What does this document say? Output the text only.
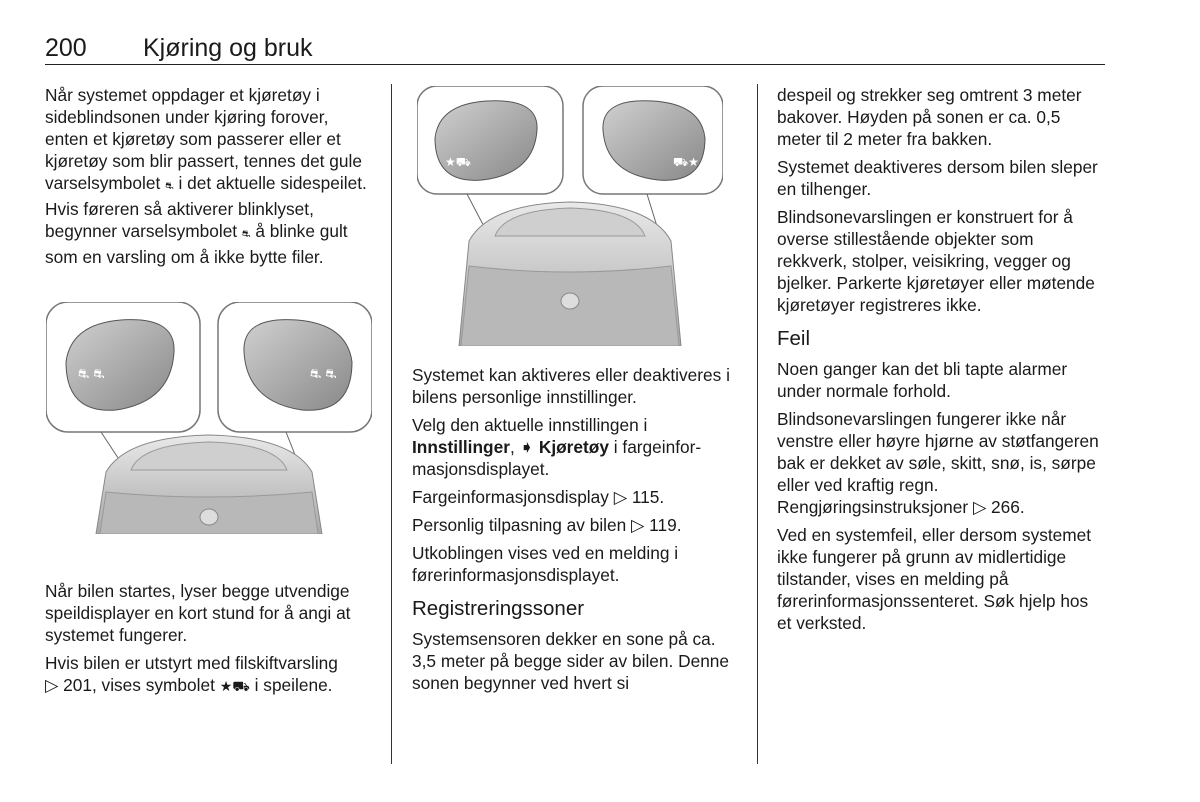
200 Kjøring og bruk

Når systemet oppdager et kjøretøy i sideblindsonen under kjøring forover, enten et kjøretøy som passerer eller et kjøretøy som blir passert, tennes det gule varselsymbolet ⛐ i det aktuelle sidespeilet. Hvis føreren så aktiverer blinklyset, begynner varselsymbolet ⛐ å blinke gult som en varsling om å ikke bytte filer.

⛐ ⛐	⛐ ⛐

Når bilen startes, lyser begge utvendige speildisplayer en kort stund for å angi at systemet fungerer.

Hvis bilen er utstyrt med filskiftvarsling ▷ 201, vises symbolet ★⛟ i speilene.

★⛟	⛟★

Systemet kan aktiveres eller deaktiveres i bilens personlige innstillinger.

Velg den aktuelle innstillingen i Innstillinger, ➧ Kjøretøy i fargeinformasjonsdisplayet.

Fargeinformasjonsdisplay ▷ 115.

Personlig tilpasning av bilen ▷ 119.

Utkoblingen vises ved en melding i førerinformasjonsdisplayet.

Registreringssoner

Systemsensoren dekker en sone på ca. 3,5 meter på begge sider av bilen. Denne sonen begynner ved hvert si

despeil og strekker seg omtrent 3 meter bakover. Høyden på sonen er ca. 0,5 meter til 2 meter fra bakken.

Systemet deaktiveres dersom bilen sleper en tilhenger.

Blindsonevarslingen er konstruert for å overse stillestående objekter som rekkverk, stolper, veisikring, vegger og bjelker. Parkerte kjøretøyer eller møtende kjøretøyer registreres ikke.

Feil

Noen ganger kan det bli tapte alarmer under normale forhold.

Blindsonevarslingen fungerer ikke når venstre eller høyre hjørne av støtfangeren bak er dekket av søle, skitt, snø, is, sørpe eller ved kraftig regn. Rengjøringsinstruksjoner ▷ 266.

Ved en systemfeil, eller dersom systemet ikke fungerer på grunn av midlertidige tilstander, vises en melding på førerinformasjonssenteret. Søk hjelp hos et verksted.
